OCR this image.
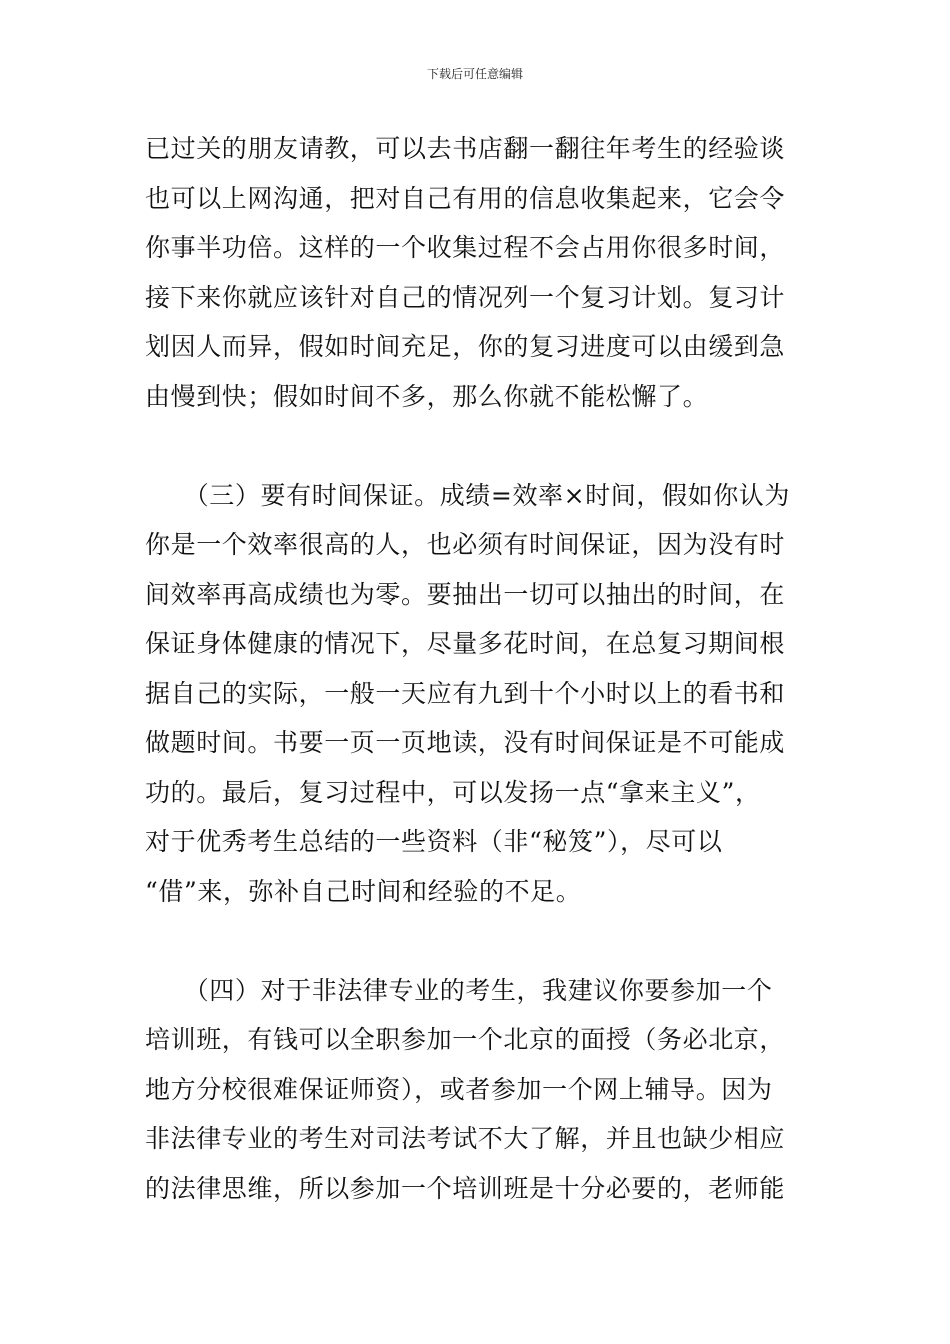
下载后可任意编辑

已过关的朋友请教，可以去书店翻一翻往年考生的经验谈
也可以上网沟通，把对自己有用的信息收集起来，它会令
你事半功倍。这样的一个收集过程不会占用你很多时间，
接下来你就应该针对自己的情况列一个复习计划。复习计
划因人而异，假如时间充足，你的复习进度可以由缓到急
由慢到快；假如时间不多，那么你就不能松懈了。

　　（三）要有时间保证。成绩=效率×时间，假如你认为
你是一个效率很高的人，也必须有时间保证，因为没有时
间效率再高成绩也为零。要抽出一切可以抽出的时间，在
保证身体健康的情况下，尽量多花时间，在总复习期间根
据自己的实际，一般一天应有九到十个小时以上的看书和
做题时间。书要一页一页地读，没有时间保证是不可能成
功的。最后，复习过程中，可以发扬一点“拿来主义”，
对于优秀考生总结的一些资料（非“秘笈”），尽可以
“借”来，弥补自己时间和经验的不足。

　　（四）对于非法律专业的考生，我建议你要参加一个
培训班，有钱可以全职参加一个北京的面授（务必北京，
地方分校很难保证师资），或者参加一个网上辅导。因为
非法律专业的考生对司法考试不大了解，并且也缺少相应
的法律思维，所以参加一个培训班是十分必要的，老师能
